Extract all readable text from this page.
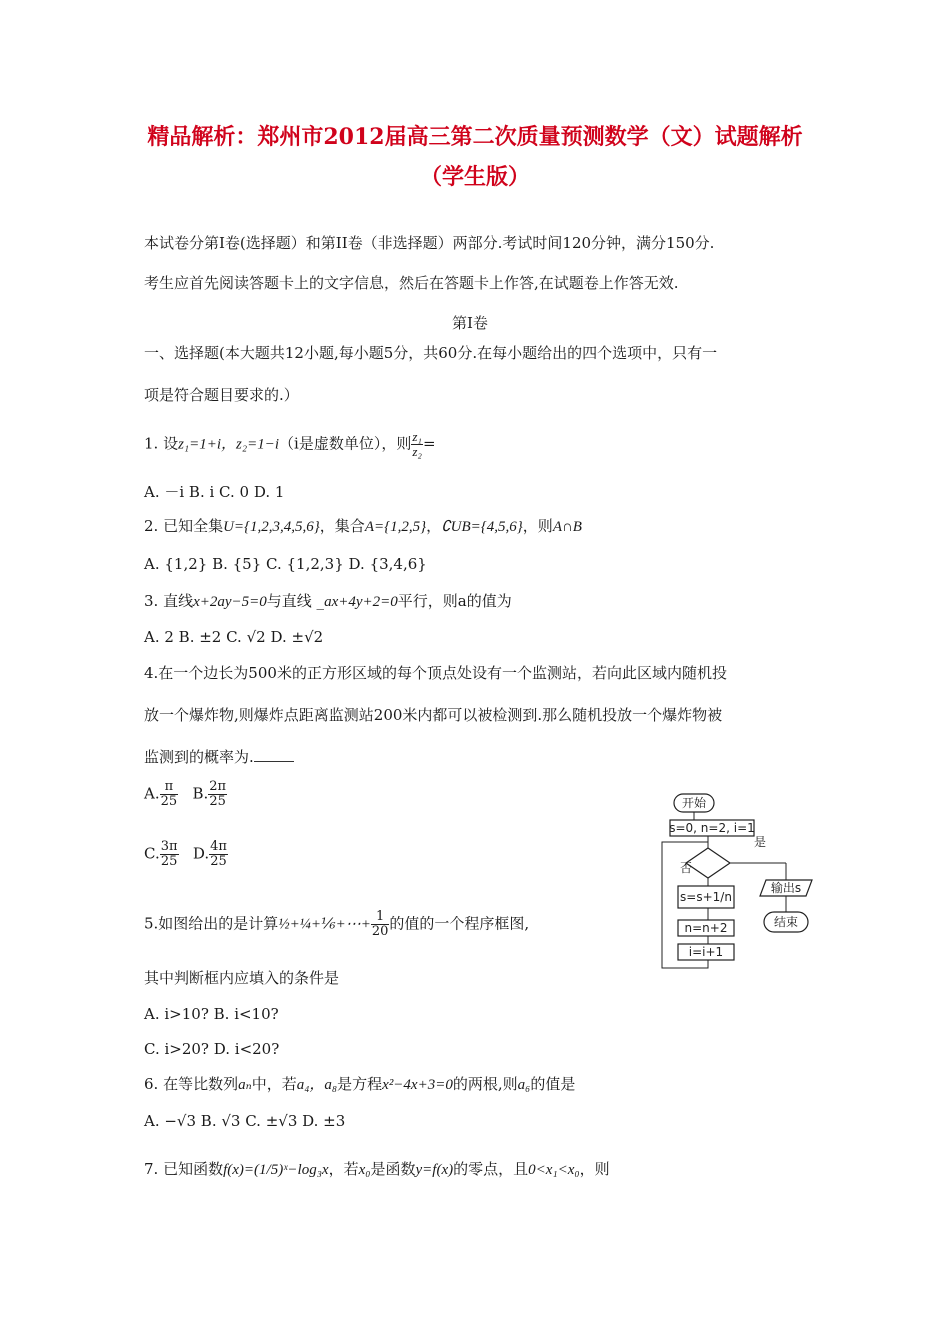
精品解析：郑州市2012届高三第二次质量预测数学（文）试题解析
（学生版）
本试卷分第Ⅰ卷(选择题）和第II卷（非选择题）两部分.考试时间120分钟，满分150分.
考生应首先阅读答题卡上的文字信息，然后在答题卡上作答,在试题卷上作答无效.
第Ⅰ卷
一、选择题(本大题共12小题,每小题5分，共60分.在每小题给出的四个选项中，只有一
项是符合题目要求的.）
1. 设z₁=1+i，z₂=1−i（i是虚数单位），则 $\frac{\text{z₁}}{\text{z₂}}$ =
A. －i B. i C. 0 D. 1
2. 已知全集U={1,2,3,4,5,6}，集合A={1,2,5}，∁UB={4,5,6}，则A∩B
A. {1,2} B. {5} C. {1,2,3} D. {3,4,6}
3. 直线x+2ay−5=0与直线 _ax+4y+2=0平行，则a的值为
A. 2 B. ±2 C. √2 D. ±√2
4.在一个边长为500米的正方形区域的每个顶点处设有一个监测站，若向此区域内随机投
放一个爆炸物,则爆炸点距离监测站200米内都可以被检测到.那么随机投放一个爆炸物被
监测到的概率为.
A. $\frac{\pi}{25} B$. $\frac{2\pi}{25}$
C. $\frac{3\pi}{25} D$. $\frac{4\pi}{25}$
5.如图给出的是计算½+¼+⅙+⋯+ $\frac{1}{20}$ 的值的一个程序框图,
其中判断框内应填入的条件是
A. i>10? B. i<10?
C. i>20? D. i<20?
6. 在等比数列aₙ中，若a₄，a₈是方程x²−4x+3=0的两根,则a₆的值是
A. −√3 B. √3 C. ±√3 D. ±3
7. 已知函数f(x)=(1/5)ˣ−log₃x，若x₀是函数y=f(x)的零点，且0<x₁<x₀，则
开始
s=0, n=2, i=1
是
否
s=s+1/n
n=n+2
i=i+1
输出s
结束
